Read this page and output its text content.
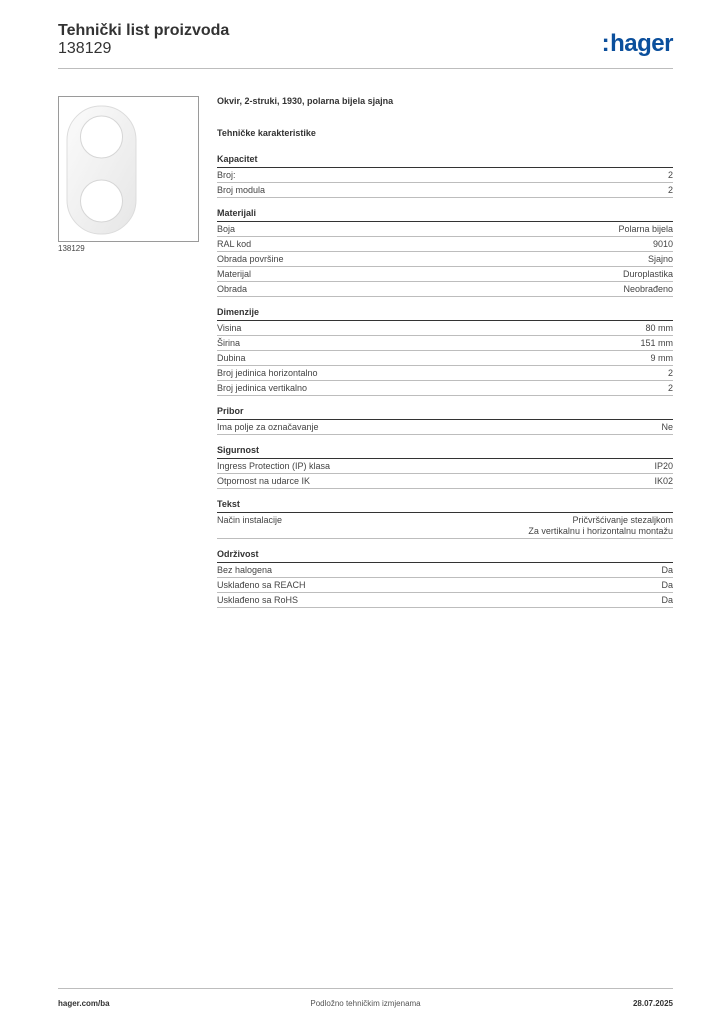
Tehnički list proizvoda
138129	:hager
138129
Okvir, 2-struki, 1930, polarna bijela sjajna
Tehničke karakteristike
Kapacitet
Broj:	2
Broj modula	2
Materijali
Boja	Polarna bijela
RAL kod	9010
Obrada površine	Sjajno
Materijal	Duroplastika
Obrada	Neobrađeno
Dimenzije
Visina	80 mm
Širina	151 mm
Dubina	9 mm
Broj jedinica horizontalno	2
Broj jedinica vertikalno	2
Pribor
Ima polje za označavanje	Ne
Sigurnost
Ingress Protection (IP) klasa	IP20
Otpornost na udarce IK	IK02
Tekst
Način instalacije	Pričvršćivanje stezaljkom
Za vertikalnu i horizontalnu montažu
Održivost
Bez halogena	Da
Usklađeno sa REACH	Da
Usklađeno sa RoHS	Da
hager.com/ba	Podložno tehničkim izmjenama	28.07.2025
